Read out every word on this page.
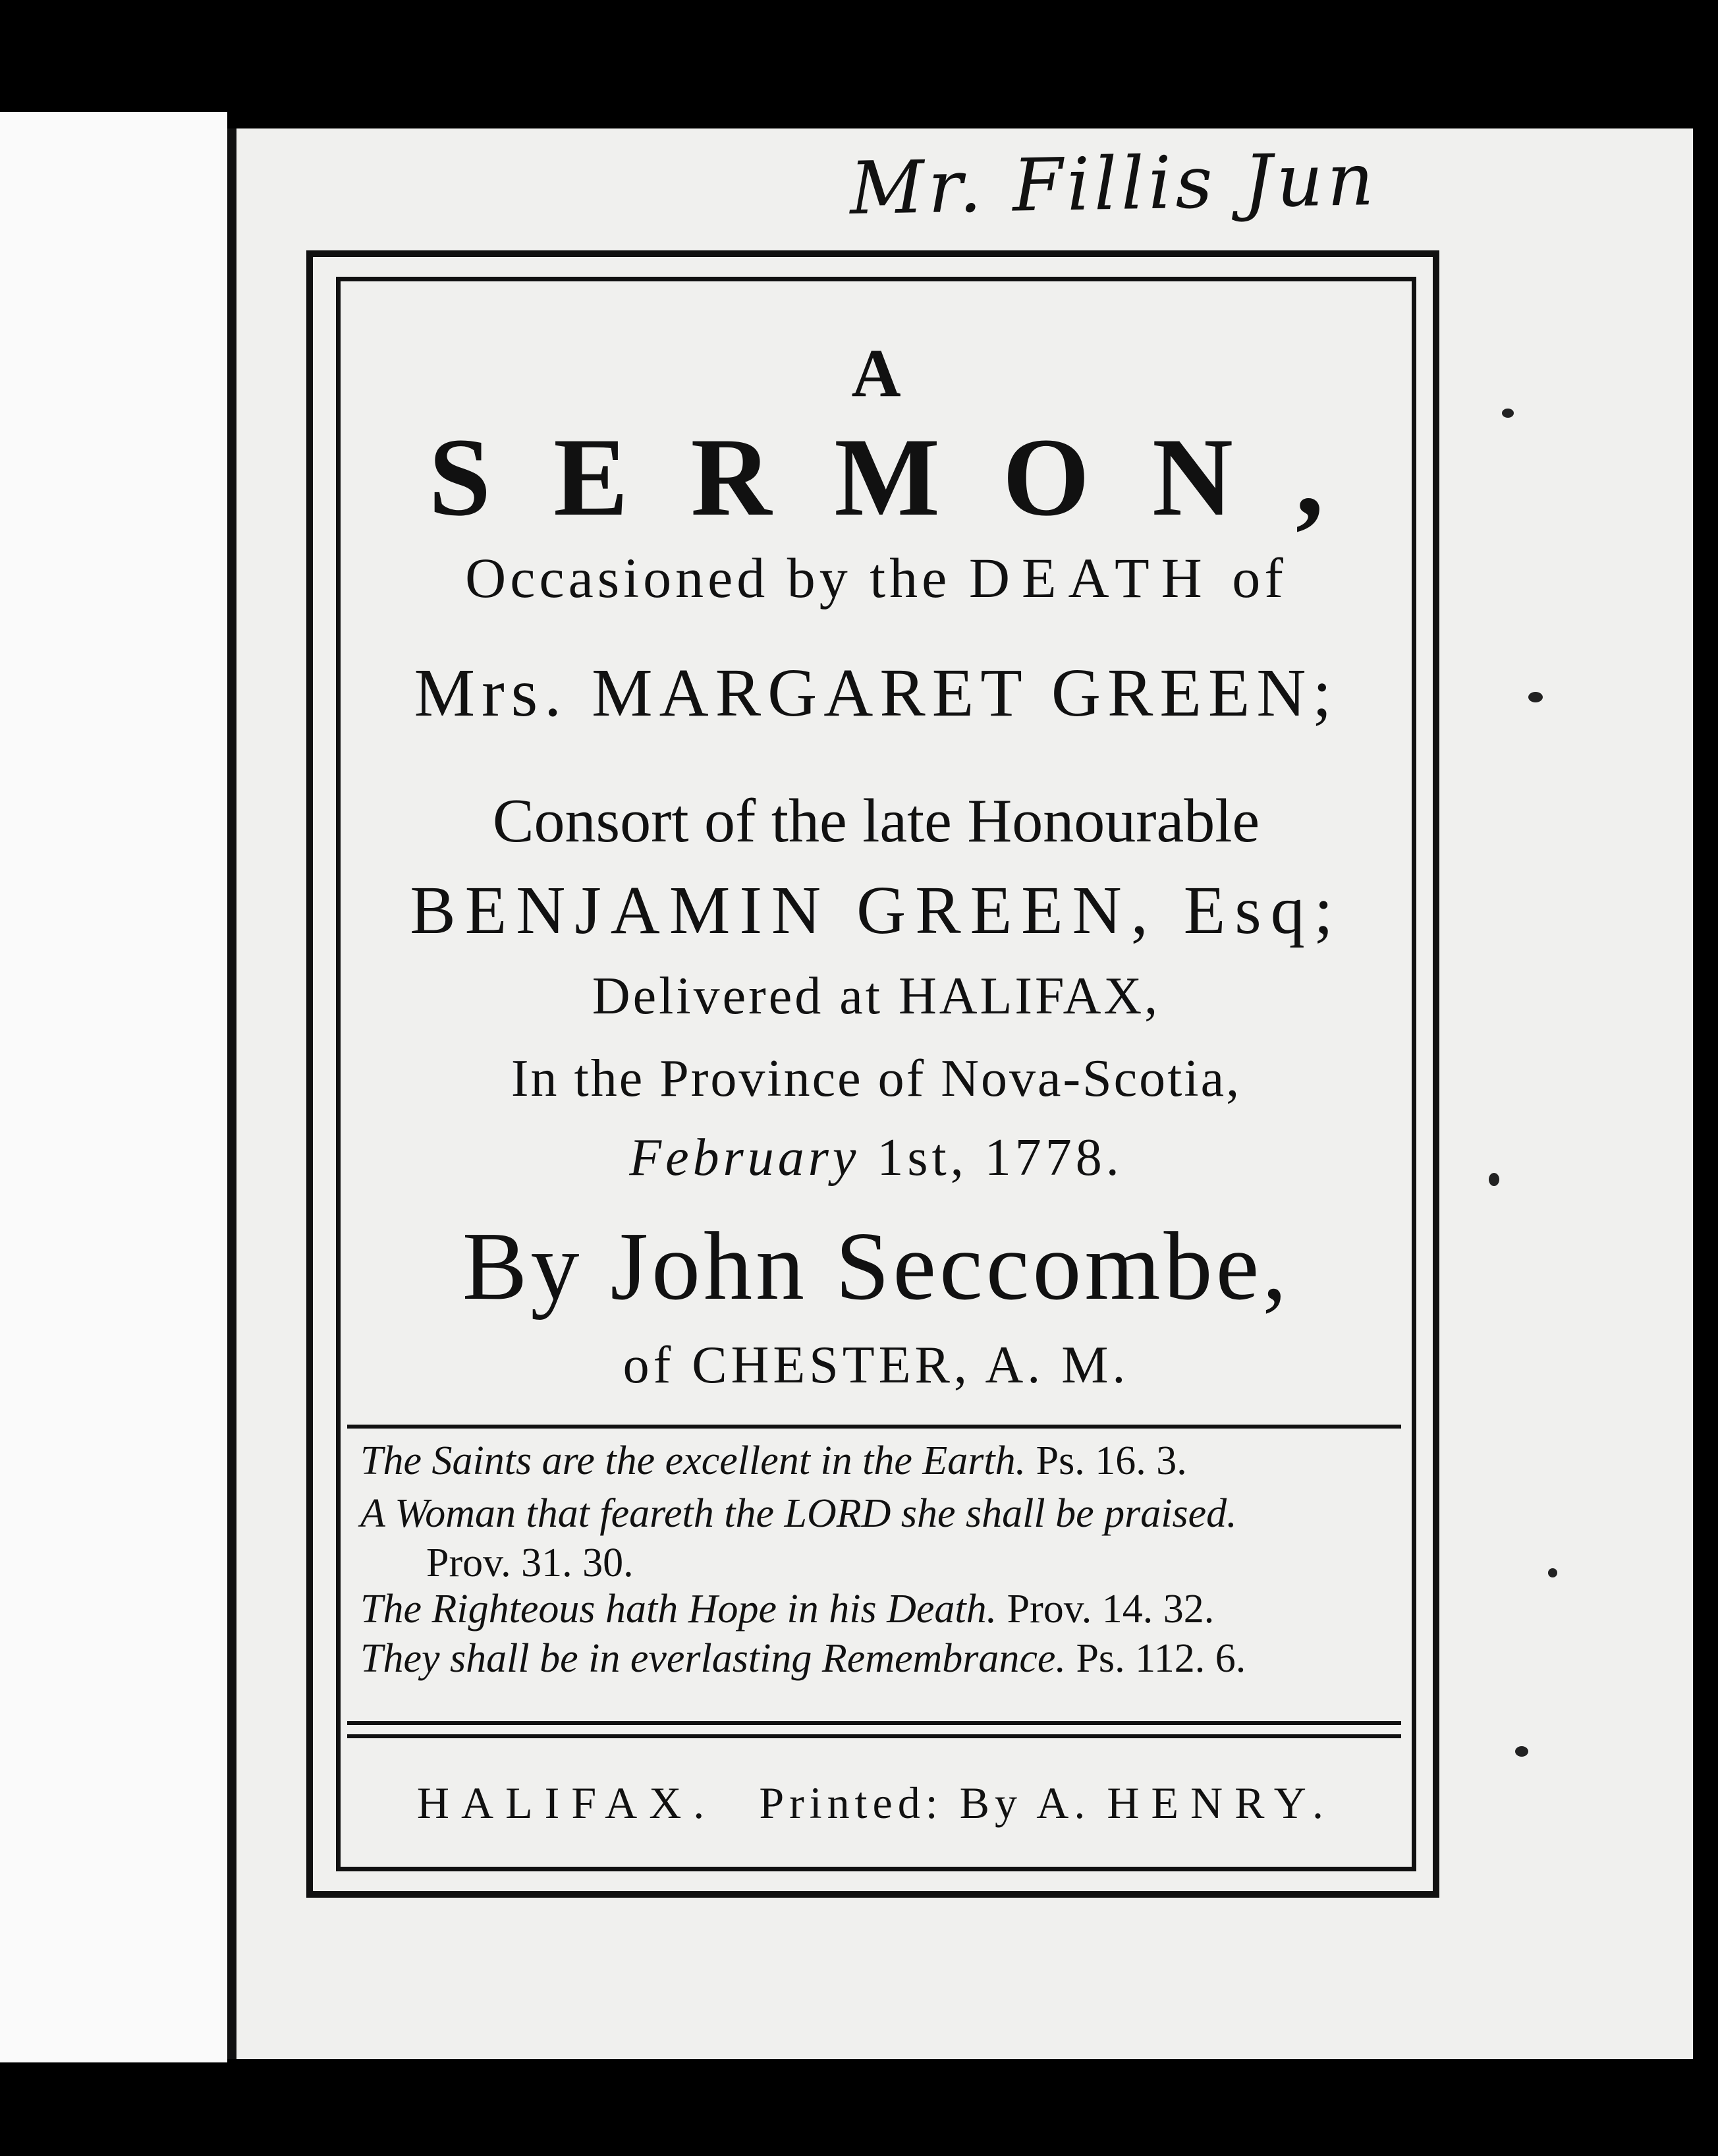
Mr. Fillis Jun
A
SERMON,
Occasioned by the DEATH of
Mrs. MARGARET GREEN;
Consort of the late Honourable
BENJAMIN GREEN, Esq;
Delivered at HALIFAX,
In the Province of Nova-Scotia,
February 1st, 1778.
By John Seccombe,
of CHESTER, A. M.
The Saints are the excellent in the Earth. Ps. 16. 3.
A Woman that feareth the LORD she shall be praised.
Prov. 31. 30.
The Righteous hath Hope in his Death. Prov. 14. 32.
They shall be in everlasting Remembrance. Ps. 112. 6.
HALIFAX. Printed: By A. HENRY.
